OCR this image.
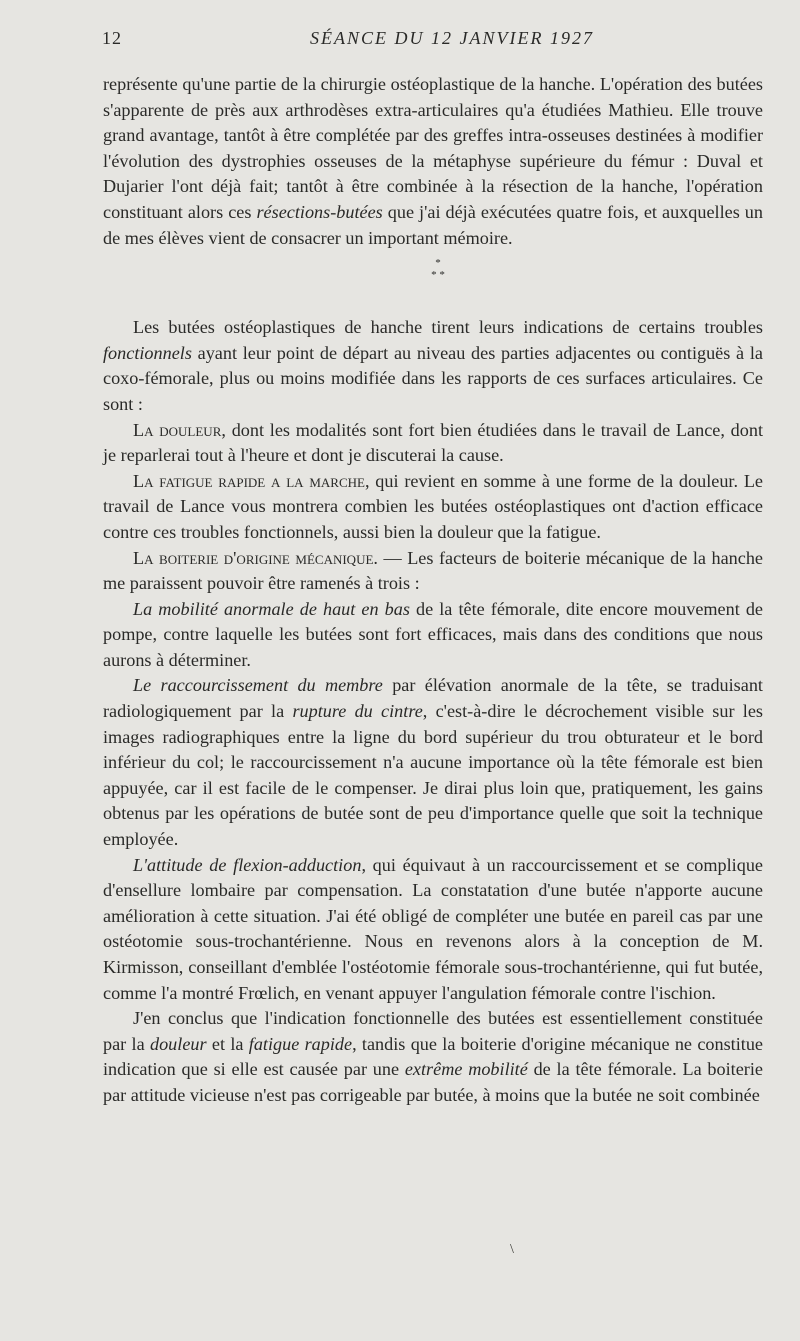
12	SÉANCE DU 12 JANVIER 1927

représente qu'une partie de la chirurgie ostéoplastique de la hanche. L'opération des butées s'apparente de près aux arthrodèses extra-articulaires qu'a étudiées Mathieu. Elle trouve grand avantage, tantôt à être complétée par des greffes intra-osseuses destinées à modifier l'évolution des dystrophies osseuses de la métaphyse supérieure du fémur : Duval et Dujarier l'ont déjà fait; tantôt à être combinée à la résection de la hanche, l'opération constituant alors ces résections-butées que j'ai déjà exécutées quatre fois, et auxquelles un de mes élèves vient de consacrer un important mémoire.

*
* *

Les butées ostéoplastiques de hanche tirent leurs indications de certains troubles fonctionnels ayant leur point de départ au niveau des parties adjacentes ou contiguës à la coxo-fémorale, plus ou moins modifiée dans les rapports de ces surfaces articulaires. Ce sont :

La douleur, dont les modalités sont fort bien étudiées dans le travail de Lance, dont je reparlerai tout à l'heure et dont je discuterai la cause.

La fatigue rapide a la marche, qui revient en somme à une forme de la douleur. Le travail de Lance vous montrera combien les butées ostéoplastiques ont d'action efficace contre ces troubles fonctionnels, aussi bien la douleur que la fatigue.

La boiterie d'origine mécanique. — Les facteurs de boiterie mécanique de la hanche me paraissent pouvoir être ramenés à trois :

La mobilité anormale de haut en bas de la tête fémorale, dite encore mouvement de pompe, contre laquelle les butées sont fort efficaces, mais dans des conditions que nous aurons à déterminer.

Le raccourcissement du membre par élévation anormale de la tête, se traduisant radiologiquement par la rupture du cintre, c'est-à-dire le décrochement visible sur les images radiographiques entre la ligne du bord supérieur du trou obturateur et le bord inférieur du col; le raccourcissement n'a aucune importance où la tête fémorale est bien appuyée, car il est facile de le compenser. Je dirai plus loin que, pratiquement, les gains obtenus par les opérations de butée sont de peu d'importance quelle que soit la technique employée.

L'attitude de flexion-adduction, qui équivaut à un raccourcissement et se complique d'ensellure lombaire par compensation. La constatation d'une butée n'apporte aucune amélioration à cette situation. J'ai été obligé de compléter une butée en pareil cas par une ostéotomie sous-trochantérienne. Nous en revenons alors à la conception de M. Kirmisson, conseillant d'emblée l'ostéotomie fémorale sous-trochantérienne, qui fut butée, comme l'a montré Frœlich, en venant appuyer l'angulation fémorale contre l'ischion.

J'en conclus que l'indication fonctionnelle des butées est essentiellement constituée par la douleur et la fatigue rapide, tandis que la boiterie d'origine mécanique ne constitue indication que si elle est causée par une extrême mobilité de la tête fémorale. La boiterie par attitude vicieuse n'est pas corrigeable par butée, à moins que la butée ne soit combinée

\
